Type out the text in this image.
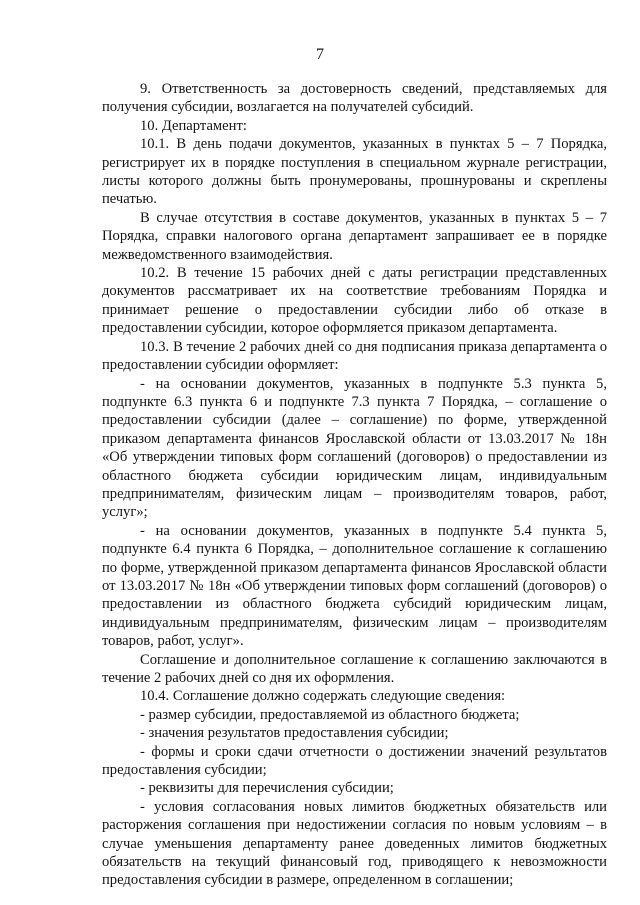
7

9. Ответственность за достоверность сведений, представляемых для получения субсидии, возлагается на получателей субсидий.

10. Департамент:

10.1. В день подачи документов, указанных в пунктах 5 – 7 Порядка, регистрирует их в порядке поступления в специальном журнале регистрации, листы которого должны быть пронумерованы, прошнурованы и скреплены печатью.

В случае отсутствия в составе документов, указанных в пунктах 5 – 7 Порядка, справки налогового органа департамент запрашивает ее в порядке межведомственного взаимодействия.

10.2. В течение 15 рабочих дней с даты регистрации представленных документов рассматривает их на соответствие требованиям Порядка и принимает решение о предоставлении субсидии либо об отказе в предоставлении субсидии, которое оформляется приказом департамента.

10.3. В течение 2 рабочих дней со дня подписания приказа департамента о предоставлении субсидии оформляет:

- на основании документов, указанных в подпункте 5.3 пункта 5, подпункте 6.3 пункта 6 и подпункте 7.3 пункта 7 Порядка, – соглашение о предоставлении субсидии (далее – соглашение) по форме, утвержденной приказом департамента финансов Ярославской области от 13.03.2017 № 18н «Об утверждении типовых форм соглашений (договоров) о предоставлении из областного бюджета субсидии юридическим лицам, индивидуальным предпринимателям, физическим лицам – производителям товаров, работ, услуг»;

- на основании документов, указанных в подпункте 5.4 пункта 5, подпункте 6.4 пункта 6 Порядка, – дополнительное соглашение к соглашению по форме, утвержденной приказом департамента финансов Ярославской области от 13.03.2017 № 18н «Об утверждении типовых форм соглашений (договоров) о предоставлении из областного бюджета субсидий юридическим лицам, индивидуальным предпринимателям, физическим лицам – производителям товаров, работ, услуг».

Соглашение и дополнительное соглашение к соглашению заключаются в течение 2 рабочих дней со дня их оформления.

10.4. Соглашение должно содержать следующие сведения:

- размер субсидии, предоставляемой из областного бюджета;

- значения результатов предоставления субсидии;

- формы и сроки сдачи отчетности о достижении значений результатов предоставления субсидии;

- реквизиты для перечисления субсидии;

- условия согласования новых лимитов бюджетных обязательств или расторжения соглашения при недостижении согласия по новым условиям – в случае уменьшения департаменту ранее доведенных лимитов бюджетных обязательств на текущий финансовый год, приводящего к невозможности предоставления субсидии в размере, определенном в соглашении;
